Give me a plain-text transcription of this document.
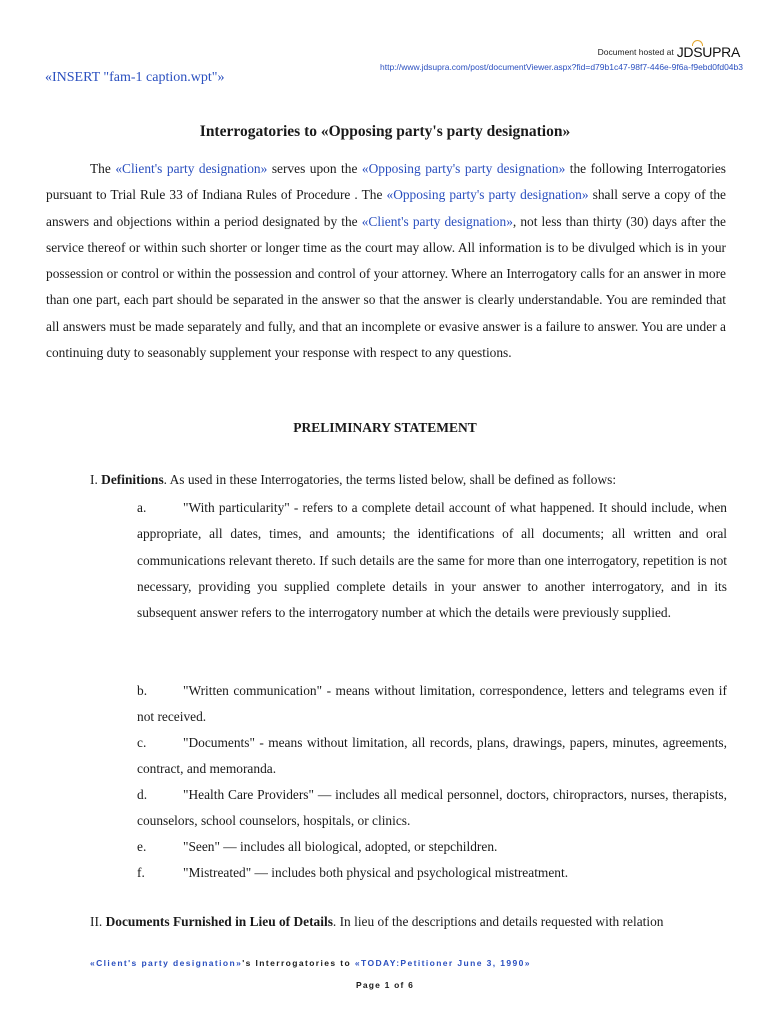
Document hosted at JD S UPRA
http://www.jdsupra.com/post/documentViewer.aspx?fid=d79b1c47-98f7-446e-9f6a-f9ebd0fd04b3
«INSERT "fam-1 caption.wpt"»
Interrogatories to «Opposing party's party designation»
The «Client's party designation» serves upon the «Opposing party's party designation» the following Interrogatories pursuant to Trial Rule 33 of Indiana Rules of Procedure . The «Opposing party's party designation» shall serve a copy of the answers and objections within a period designated by the «Client's party designation», not less than thirty (30) days after the service thereof or within such shorter or longer time as the court may allow. All information is to be divulged which is in your possession or control or within the possession and control of your attorney. Where an Interrogatory calls for an answer in more than one part, each part should be separated in the answer so that the answer is clearly understandable. You are reminded that all answers must be made separately and fully, and that an incomplete or evasive answer is a failure to answer. You are under a continuing duty to seasonably supplement your response with respect to any questions.
PRELIMINARY STATEMENT
I. Definitions. As used in these Interrogatories, the terms listed below, shall be defined as follows:
a.	"With particularity" - refers to a complete detail account of what happened. It should include, when appropriate, all dates, times, and amounts; the identifications of all documents; all written and oral communications relevant thereto. If such details are the same for more than one interrogatory, repetition is not necessary, providing you supplied complete details in your answer to another interrogatory, and in its subsequent answer refers to the interrogatory number at which the details were previously supplied.
b.	"Written communication" - means without limitation, correspondence, letters and telegrams even if not received.
c.	"Documents" - means without limitation, all records, plans, drawings, papers, minutes, agreements, contract, and memoranda.
d.	"Health Care Providers" — includes all medical personnel, doctors, chiropractors, nurses, therapists, counselors, school counselors, hospitals, or clinics.
e.	"Seen" — includes all biological, adopted, or stepchildren.
f.	"Mistreated" — includes both physical and psychological mistreatment.
II. Documents Furnished in Lieu of Details. In lieu of the descriptions and details requested with relation
«Client's party designation»'s Interrogatories to «TODAY:Petitioner June 3, 1990»
Page 1 of 6
